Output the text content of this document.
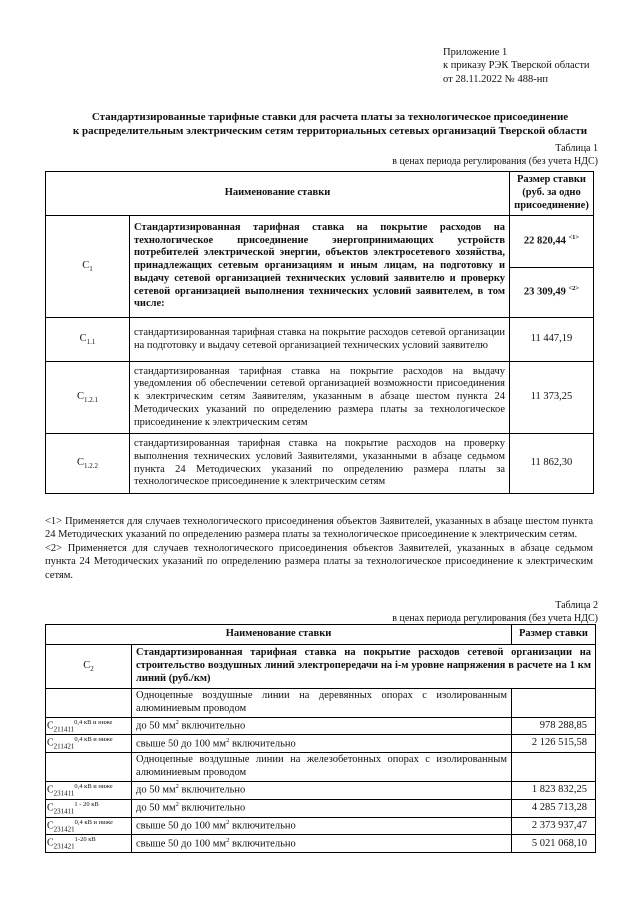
Приложение 1
к приказу РЭК Тверской области
от 28.11.2022 № 488-нп
Стандартизированные тарифные ставки для расчета платы за технологическое присоединение
к распределительным электрическим сетям территориальных сетевых организаций Тверской области
Таблица 1
в ценах периода регулирования (без учета НДС)
Наименование ставки		Размер ставки (руб. за одно присоединение)
$С_1$	Стандартизированная тарифная ставка на покрытие расходов на технологическое присоединение энергопринимающих устройств потребителей электрической энергии, объектов электросетевого хозяйства, принадлежащих сетевым организациям и иным лицам, на подготовку и выдачу сетевой организацией технических условий заявителю и проверку сетевой организацией выполнения технических условий заявителем, в том числе:	22 820,44 $^{<1>}$
		23 309,49 $^{<2>}$
$С_{1.1}$	стандартизированная тарифная ставка на покрытие расходов сетевой организации на подготовку и выдачу сетевой организацией технических условий заявителю	11 447,19
$С_{1.2.1}$	стандартизированная тарифная ставка на покрытие расходов на выдачу уведомления об обеспечении сетевой организацией возможности присоединения к электрическим сетям Заявителям, указанным в абзаце шестом пункта 24 Методических указаний по определению размера платы за технологическое присоединение к электрическим сетям	11 373,25
$С_{1.2.2}$	стандартизированная тарифная ставка на покрытие расходов на проверку выполнения технических условий Заявителями, указанными в абзаце седьмом пункта 24 Методических указаний по определению размера платы за технологическое присоединение к электрическим сетям	11 862,30

<1> Применяется для случаев технологического присоединения объектов Заявителей, указанных в абзаце шестом пункта 24 Методических указаний по определению размера платы за технологическое присоединение к электрическим сетям.

<2> Применяется для случаев технологического присоединения объектов Заявителей, указанных в абзаце седьмом пункта 24 Методических указаний по определению размера платы за технологическое присоединение к электрическим сетям.

Таблица 2
в ценах периода регулирования (без учета НДС)
Наименование ставки		Размер ставки
$С_2$	Стандартизированная тарифная ставка на покрытие расходов сетевой организации на строительство воздушных линий электропередачи на i-м уровне напряжения в расчете на 1 км линий (руб./км)	
	Одноцепные воздушные линии на деревянных опорах с изолированным алюминиевым проводом	
$С_{211411}^{0,4 кВ и ниже}$	до 50 $мм^2$ включительно	978 288,85
$С_{211421}^{0,4 кВ и ниже}$	свыше 50 до 100 $мм^2$ включительно	2 126 515,58
	Одноцепные воздушные линии на железобетонных опорах с изолированным алюминиевым проводом	
$С_{231411}^{0,4 кВ и ниже}$	до 50 $мм^2$ включительно	1 823 832,25
$С_{231411}^{1 - 20 кВ}$	до 50 $мм^2$ включительно	4 285 713,28
$С_{231421}^{0,4 кВ и ниже}$	свыше 50 до 100 $мм^2$ включительно	2 373 937,47
$С_{231421}^{1-20 кВ}$	свыше 50 до 100 $мм^2$ включительно	5 021 068,10
